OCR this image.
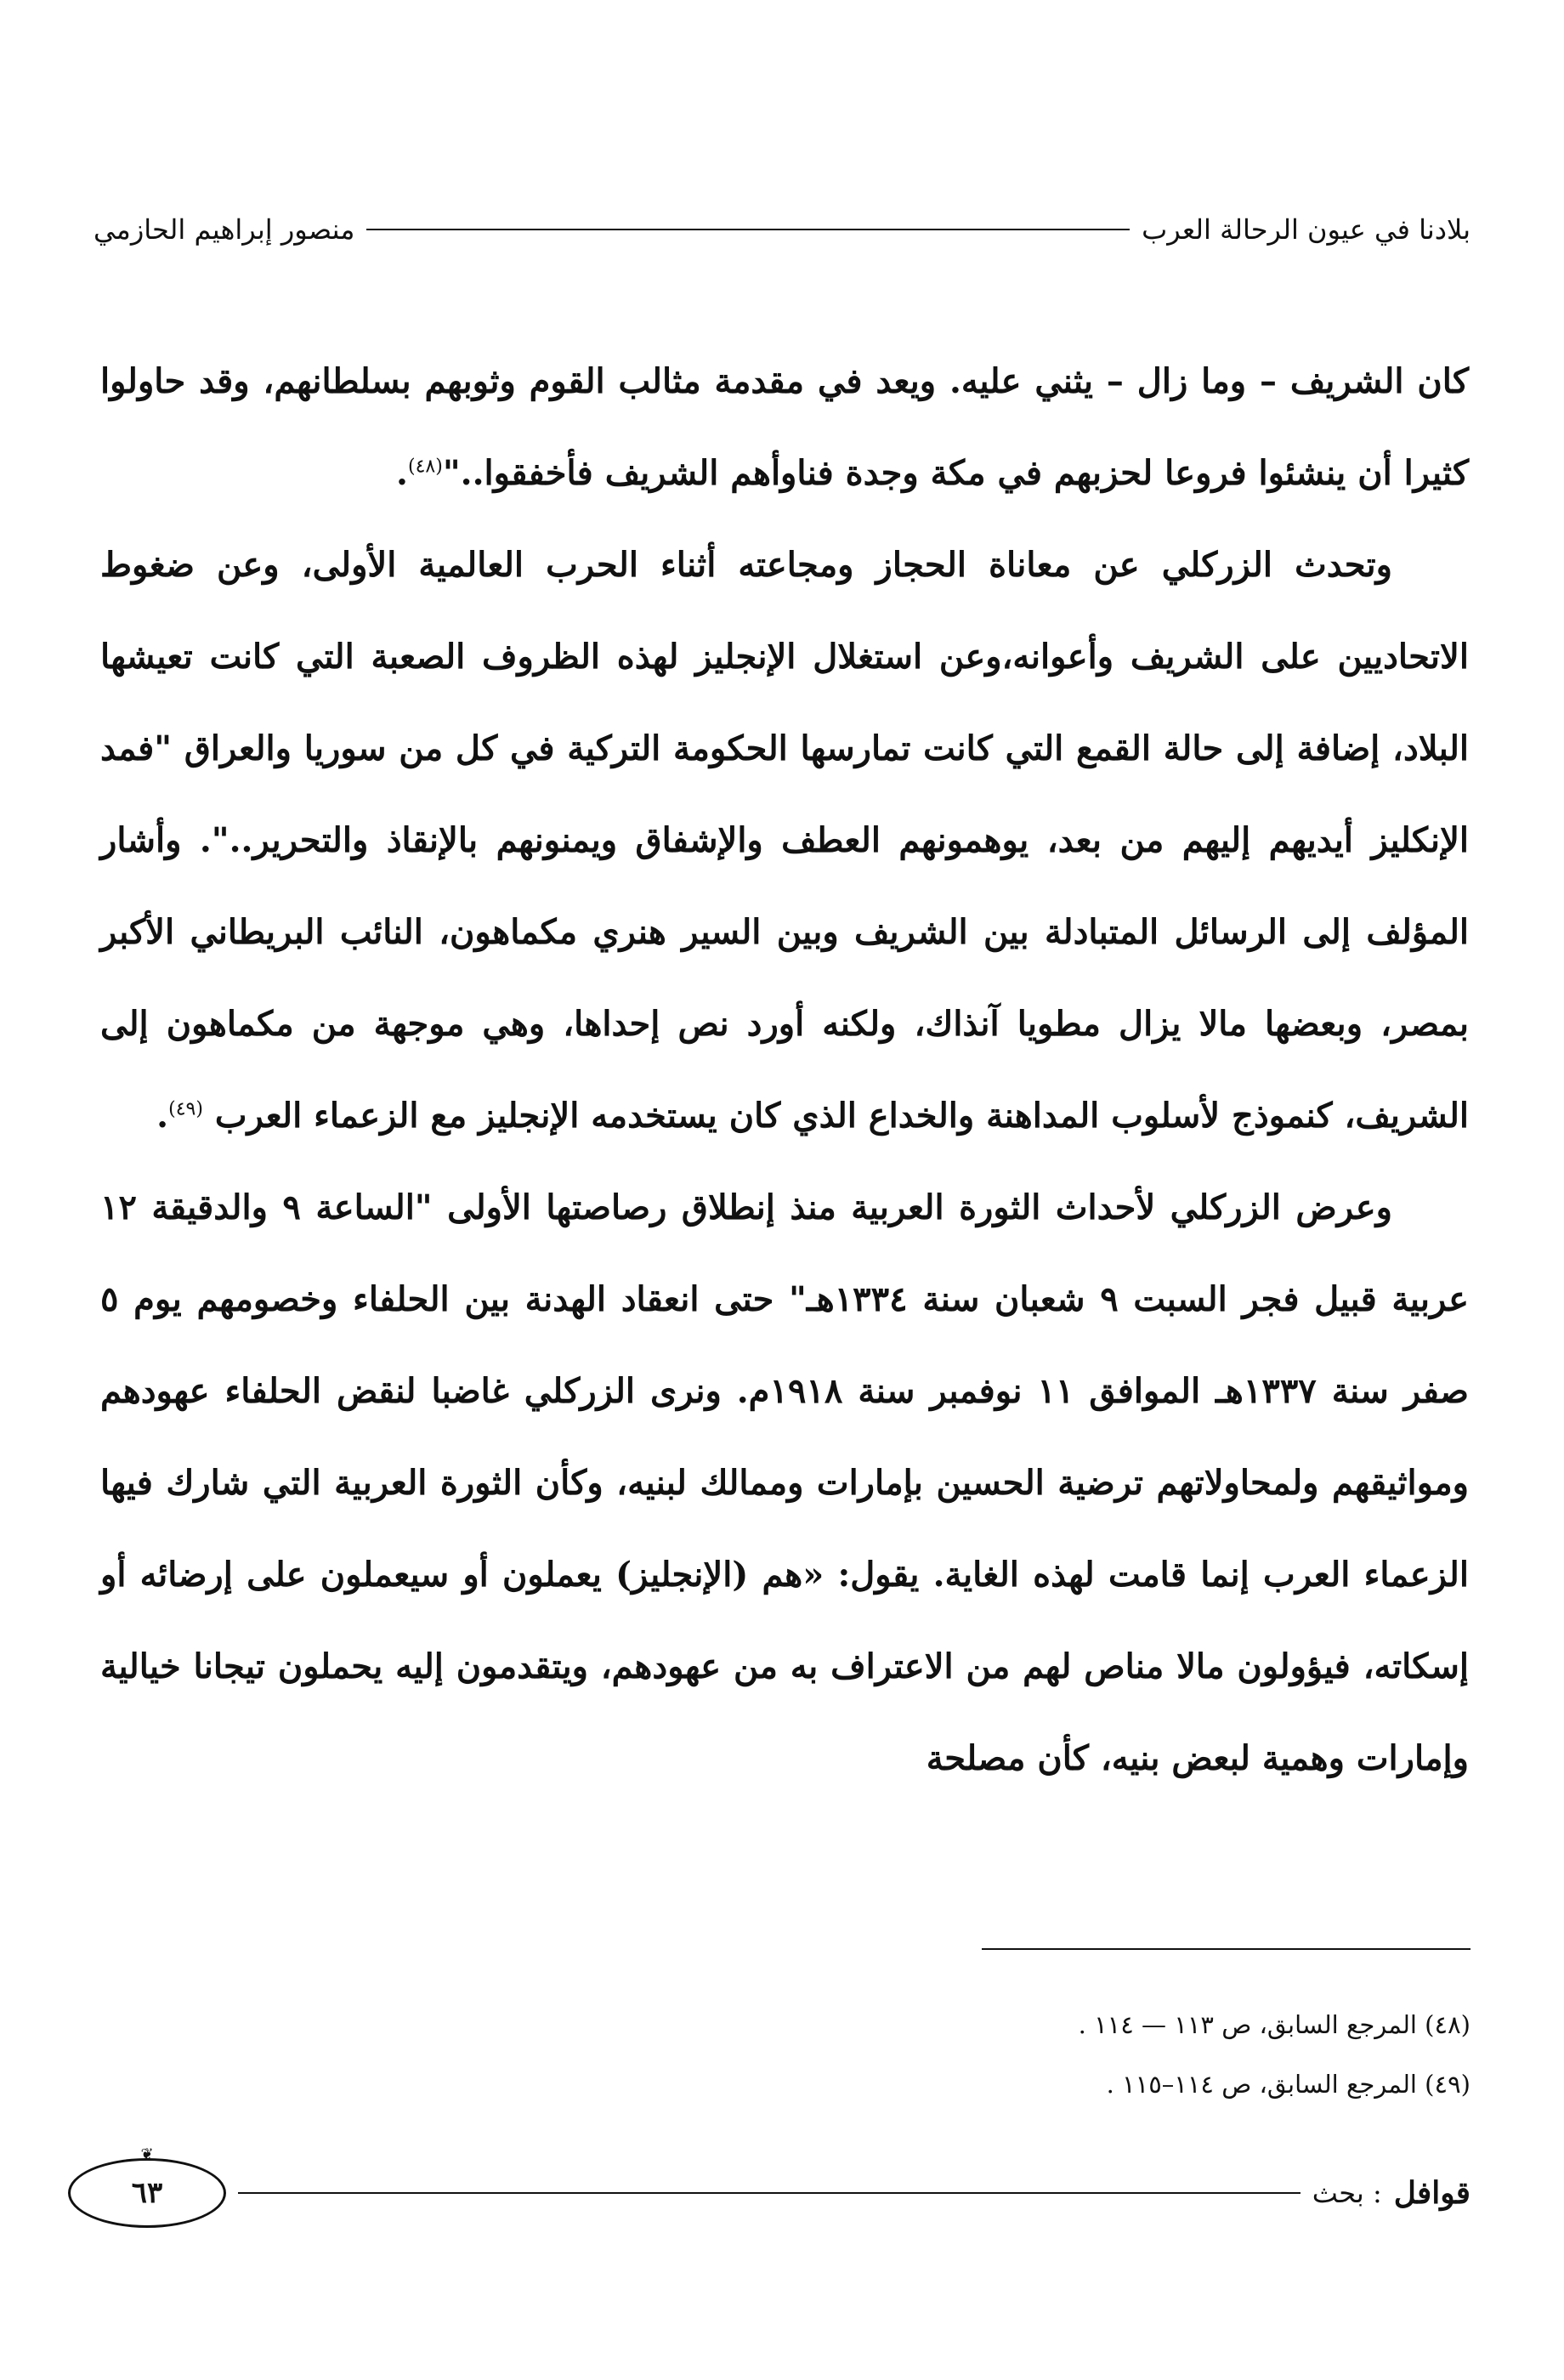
بلادنا في عيون الرحالة العرب
منصور إبراهيم الحازمي

كان الشريف – وما زال – يثني عليه. ويعد في مقدمة مثالب القوم وثوبهم بسلطانهم، وقد حاولوا كثيرا أن ينشئوا فروعا لحزبهم في مكة وجدة فناوأهم الشريف فأخفقوا.."$^{(٤٨)}$.

وتحدث الزركلي عن معاناة الحجاز ومجاعته أثناء الحرب العالمية الأولى، وعن ضغوط الاتحاديين على الشريف وأعوانه،وعن استغلال الإنجليز لهذه الظروف الصعبة التي كانت تعيشها البلاد، إضافة إلى حالة القمع التي كانت تمارسها الحكومة التركية في كل من سوريا والعراق "فمد الإنكليز أيديهم إليهم من بعد، يوهمونهم العطف والإشفاق ويمنونهم بالإنقاذ والتحرير..". وأشار المؤلف إلى الرسائل المتبادلة بين الشريف وبين السير هنري مكماهون، النائب البريطاني الأكبر بمصر، وبعضها مالا يزال مطويا آنذاك، ولكنه أورد نص إحداها، وهي موجهة من مكماهون إلى الشريف، كنموذج لأسلوب المداهنة والخداع الذي كان يستخدمه الإنجليز مع الزعماء العرب $^{(٤٩)}$.

وعرض الزركلي لأحداث الثورة العربية منذ إنطلاق رصاصتها الأولى "الساعة ٩ والدقيقة ١٢ عربية قبيل فجر السبت ٩ شعبان سنة ١٣٣٤هـ" حتى انعقاد الهدنة بين الحلفاء وخصومهم يوم ٥ صفر سنة ١٣٣٧هـ الموافق ١١ نوفمبر سنة ١٩١٨م. ونرى الزركلي غاضبا لنقض الحلفاء عهودهم ومواثيقهم ولمحاولاتهم ترضية الحسين بإمارات وممالك لبنيه، وكأن الثورة العربية التي شارك فيها الزعماء العرب إنما قامت لهذه الغاية. يقول: «هم (الإنجليز) يعملون أو سيعملون على إرضائه أو إسكاته، فيؤولون مالا مناص لهم من الاعتراف به من عهودهم، ويتقدمون إليه يحملون تيجانا خيالية وإمارات وهمية لبعض بنيه، كأن مصلحة

(٤٨) المرجع السابق، ص ١١٣ — ١١٤ .
(٤٩) المرجع السابق، ص ١١٤–١١٥ .
قوافل
: بحث
❦
٦٣
